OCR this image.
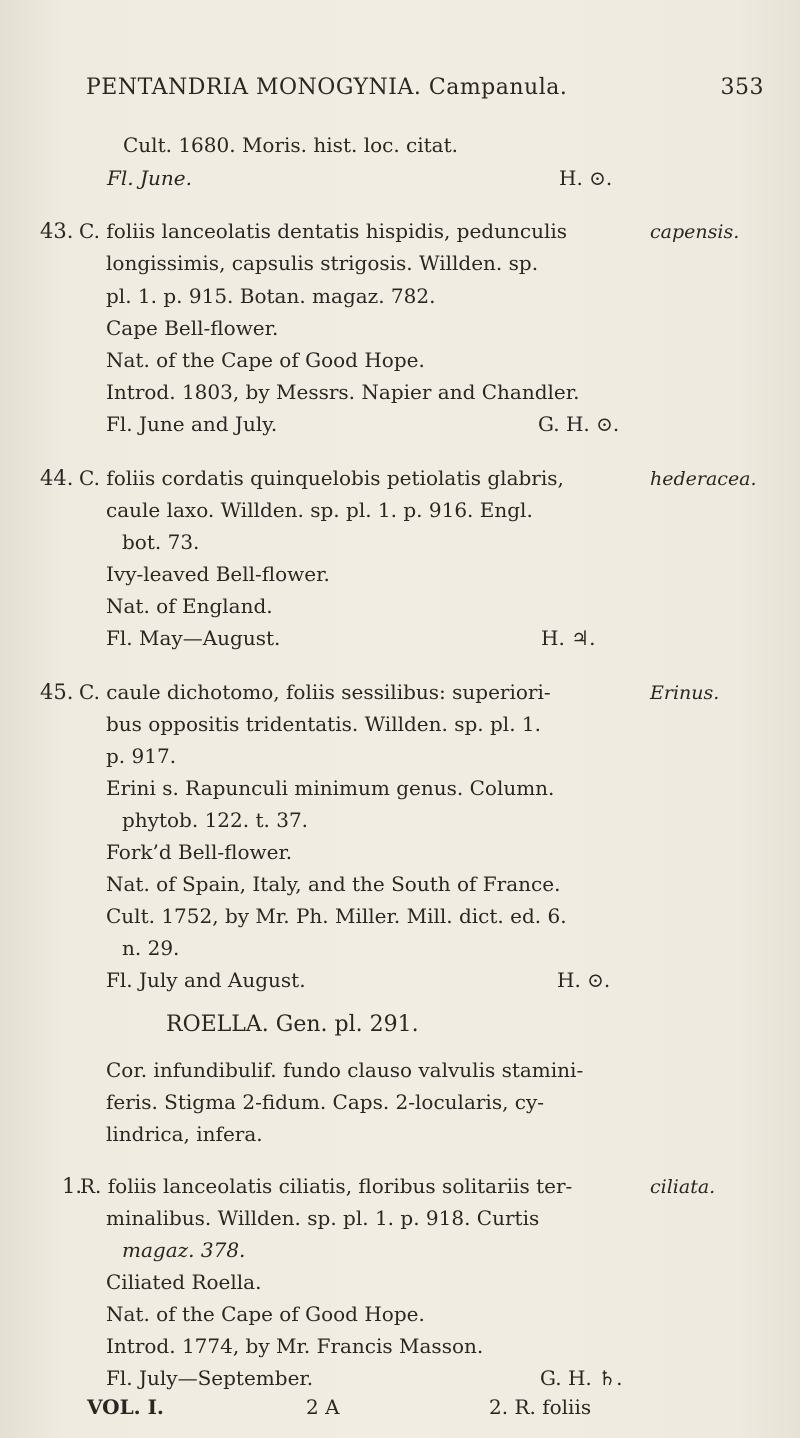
PENTANDRIA MONOGYNIA. Campanula.	353
Cult. 1680. Moris. hist. loc. citat.
Fl. June.	H. ⊙.
43. C. foliis lanceolatis dentatis hispidis, pedunculis	capensis.
longissimis, capsulis strigosis. Willden. sp.
pl. 1. p. 915. Botan. magaz. 782.
Cape Bell-flower.
Nat. of the Cape of Good Hope.
Introd. 1803, by Messrs. Napier and Chandler.
Fl. June and July.	G. H. ⊙.
44. C. foliis cordatis quinquelobis petiolatis glabris,	hederacea.
caule laxo. Willden. sp. pl. 1. p. 916. Engl.
bot. 73.
Ivy-leaved Bell-flower.
Nat. of England.
Fl. May—August.	H. ♃.
45. C. caule dichotomo, foliis sessilibus: superiori-	Erinus.
bus oppositis tridentatis. Willden. sp. pl. 1.
p. 917.
Erini s. Rapunculi minimum genus. Column.
phytob. 122. t. 37.
Fork’d Bell-flower.
Nat. of Spain, Italy, and the South of France.
Cult. 1752, by Mr. Ph. Miller. Mill. dict. ed. 6.
n. 29.
Fl. July and August.	H. ⊙.
ROELLA. Gen. pl. 291.
Cor. infundibulif. fundo clauso valvulis stamini-
feris. Stigma 2-fidum. Caps. 2-locularis, cy-
lindrica, infera.
1.
R. foliis lanceolatis ciliatis, floribus solitariis ter-	ciliata.
minalibus. Willden. sp. pl. 1. p. 918. Curtis
magaz. 378.
Ciliated Roella.
Nat. of the Cape of Good Hope.
Introd. 1774, by Mr. Francis Masson.
Fl. July—September.	G. H. ♄.
VOL. I.	2 A	2. R. foliis
